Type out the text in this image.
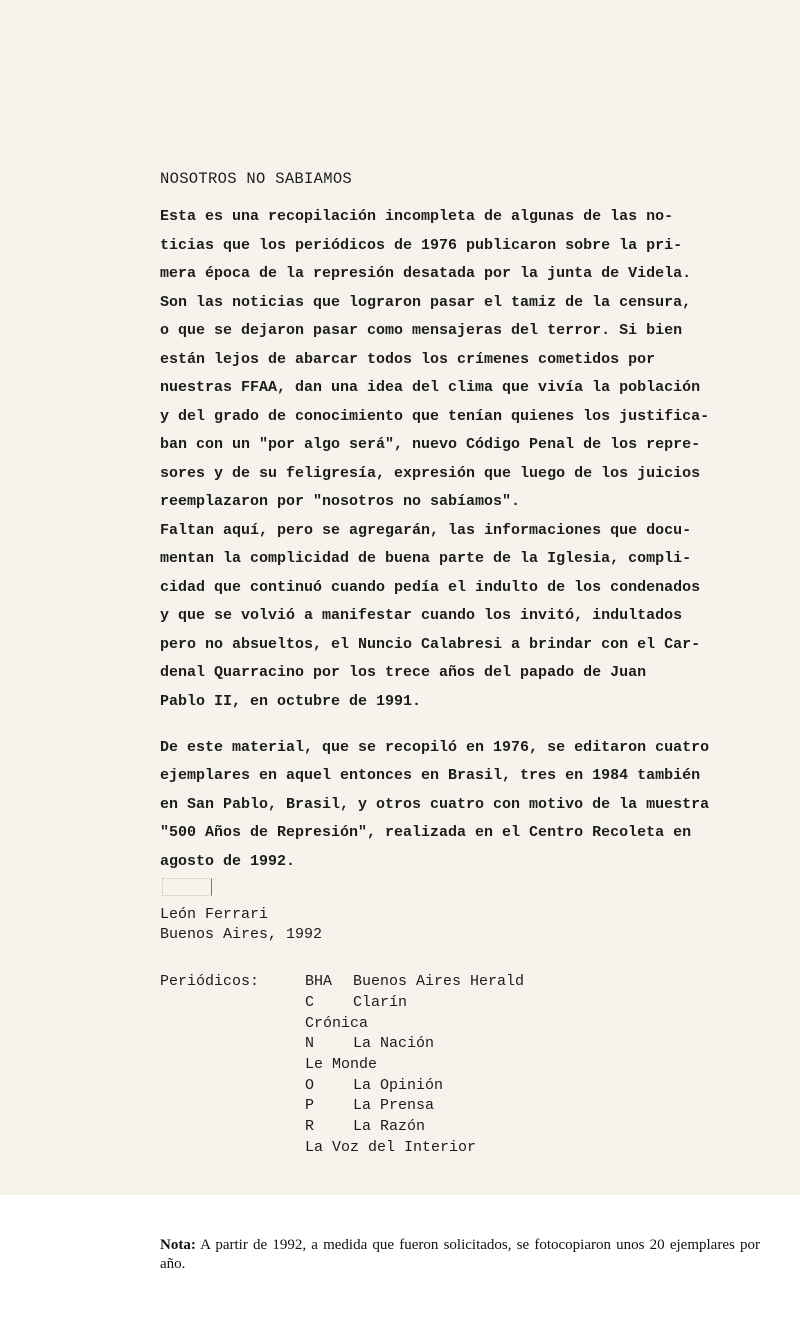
NOSOTROS NO SABIAMOS

Esta es una recopilación incompleta de algunas de las no-

ticias que los periódicos de 1976 publicaron sobre la pri-

mera época de la represión desatada por la junta de Videla.

Son las noticias que lograron pasar el tamiz de la censura,

o que se dejaron pasar como mensajeras del terror. Si bien

están lejos de abarcar todos los crímenes cometidos por

nuestras FFAA, dan una idea del clima que vivía la población

y del grado de conocimiento que tenían quienes los justifica-

ban con un "por algo será", nuevo Código Penal de los repre-

sores y de su feligresía, expresión que luego de los juicios

reemplazaron por "nosotros no sabíamos".

Faltan aquí, pero se agregarán, las informaciones que docu-

mentan la complicidad de buena parte de la Iglesia, compli-

cidad que continuó cuando pedía el indulto de los condenados

y que se volvió a manifestar cuando los invitó, indultados

pero no absueltos, el Nuncio Calabresi a brindar con el Car-

denal Quarracino por los trece años del papado de Juan

Pablo II, en octubre de 1991.

De este material, que se recopiló en 1976, se editaron cuatro

ejemplares en aquel entonces en Brasil, tres en 1984 también

en San Pablo, Brasil, y otros cuatro con motivo de la muestra

"500 Años de Represión", realizada en el Centro Recoleta en

agosto de 1992.

León Ferrari

Buenos Aires, 1992

Periódicos:	BHA Buenos Aires Herald

C	Clarín

Crónica

N	La Nación

Le Monde

O	La Opinión

P	La Prensa

R	La Razón

La Voz del Interior

Nota: A partir de 1992, a medida que fueron solicitados, se fotocopiaron unos 20 ejemplares por año.
